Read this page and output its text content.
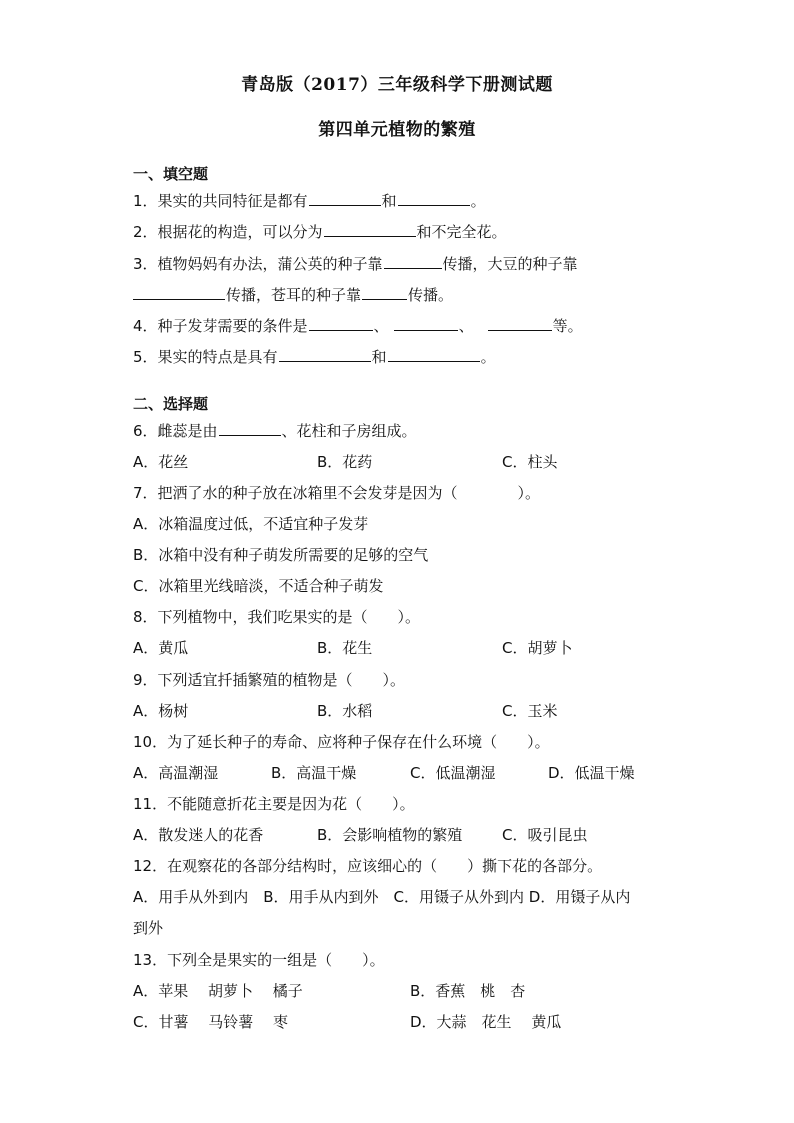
青岛版（2017）三年级科学下册测试题
第四单元植物的繁殖
一、填空题
1．果实的共同特征是都有	和	。
2．根据花的构造，可以分为	和不完全花。
3．植物妈妈有办法，蒲公英的种子靠	传播，大豆的种子靠
传播，苍耳的种子靠	传播。
4．种子发芽需要的条件是	、	、	等。
5．果实的特点是具有	和	。
二、选择题
6．雌蕊是由	、花柱和子房组成。
A．花丝	B．花药	C．柱头
7．把洒了水的种子放在冰箱里不会发芽是因为（　　　　）。
A．冰箱温度过低，不适宜种子发芽
B．冰箱中没有种子萌发所需要的足够的空气
C．冰箱里光线暗淡，不适合种子萌发
8．下列植物中，我们吃果实的是（　　）。
A．黄瓜	B．花生	C．胡萝卜
9．下列适宜扦插繁殖的植物是（　　）。
A．杨树	B．水稻	C．玉米
10．为了延长种子的寿命、应将种子保存在什么环境（　　）。
A．高温潮湿	B．高温干燥	C．低温潮湿	D．低温干燥
11．不能随意折花主要是因为花（　　）。
A．散发迷人的花香	B．会影响植物的繁殖	C．吸引昆虫
12．在观察花的各部分结构时，应该细心的（　　）撕下花的各部分。
A．用手从外到内　B．用手从内到外　C．用镊子从外到内 D．用镊子从内
到外
13．下列全是果实的一组是（　　）。
A．苹果　 胡萝卜　 橘子	B．香蕉　桃　杏
C．甘薯　 马铃薯　 枣	D．大蒜　花生　 黄瓜
